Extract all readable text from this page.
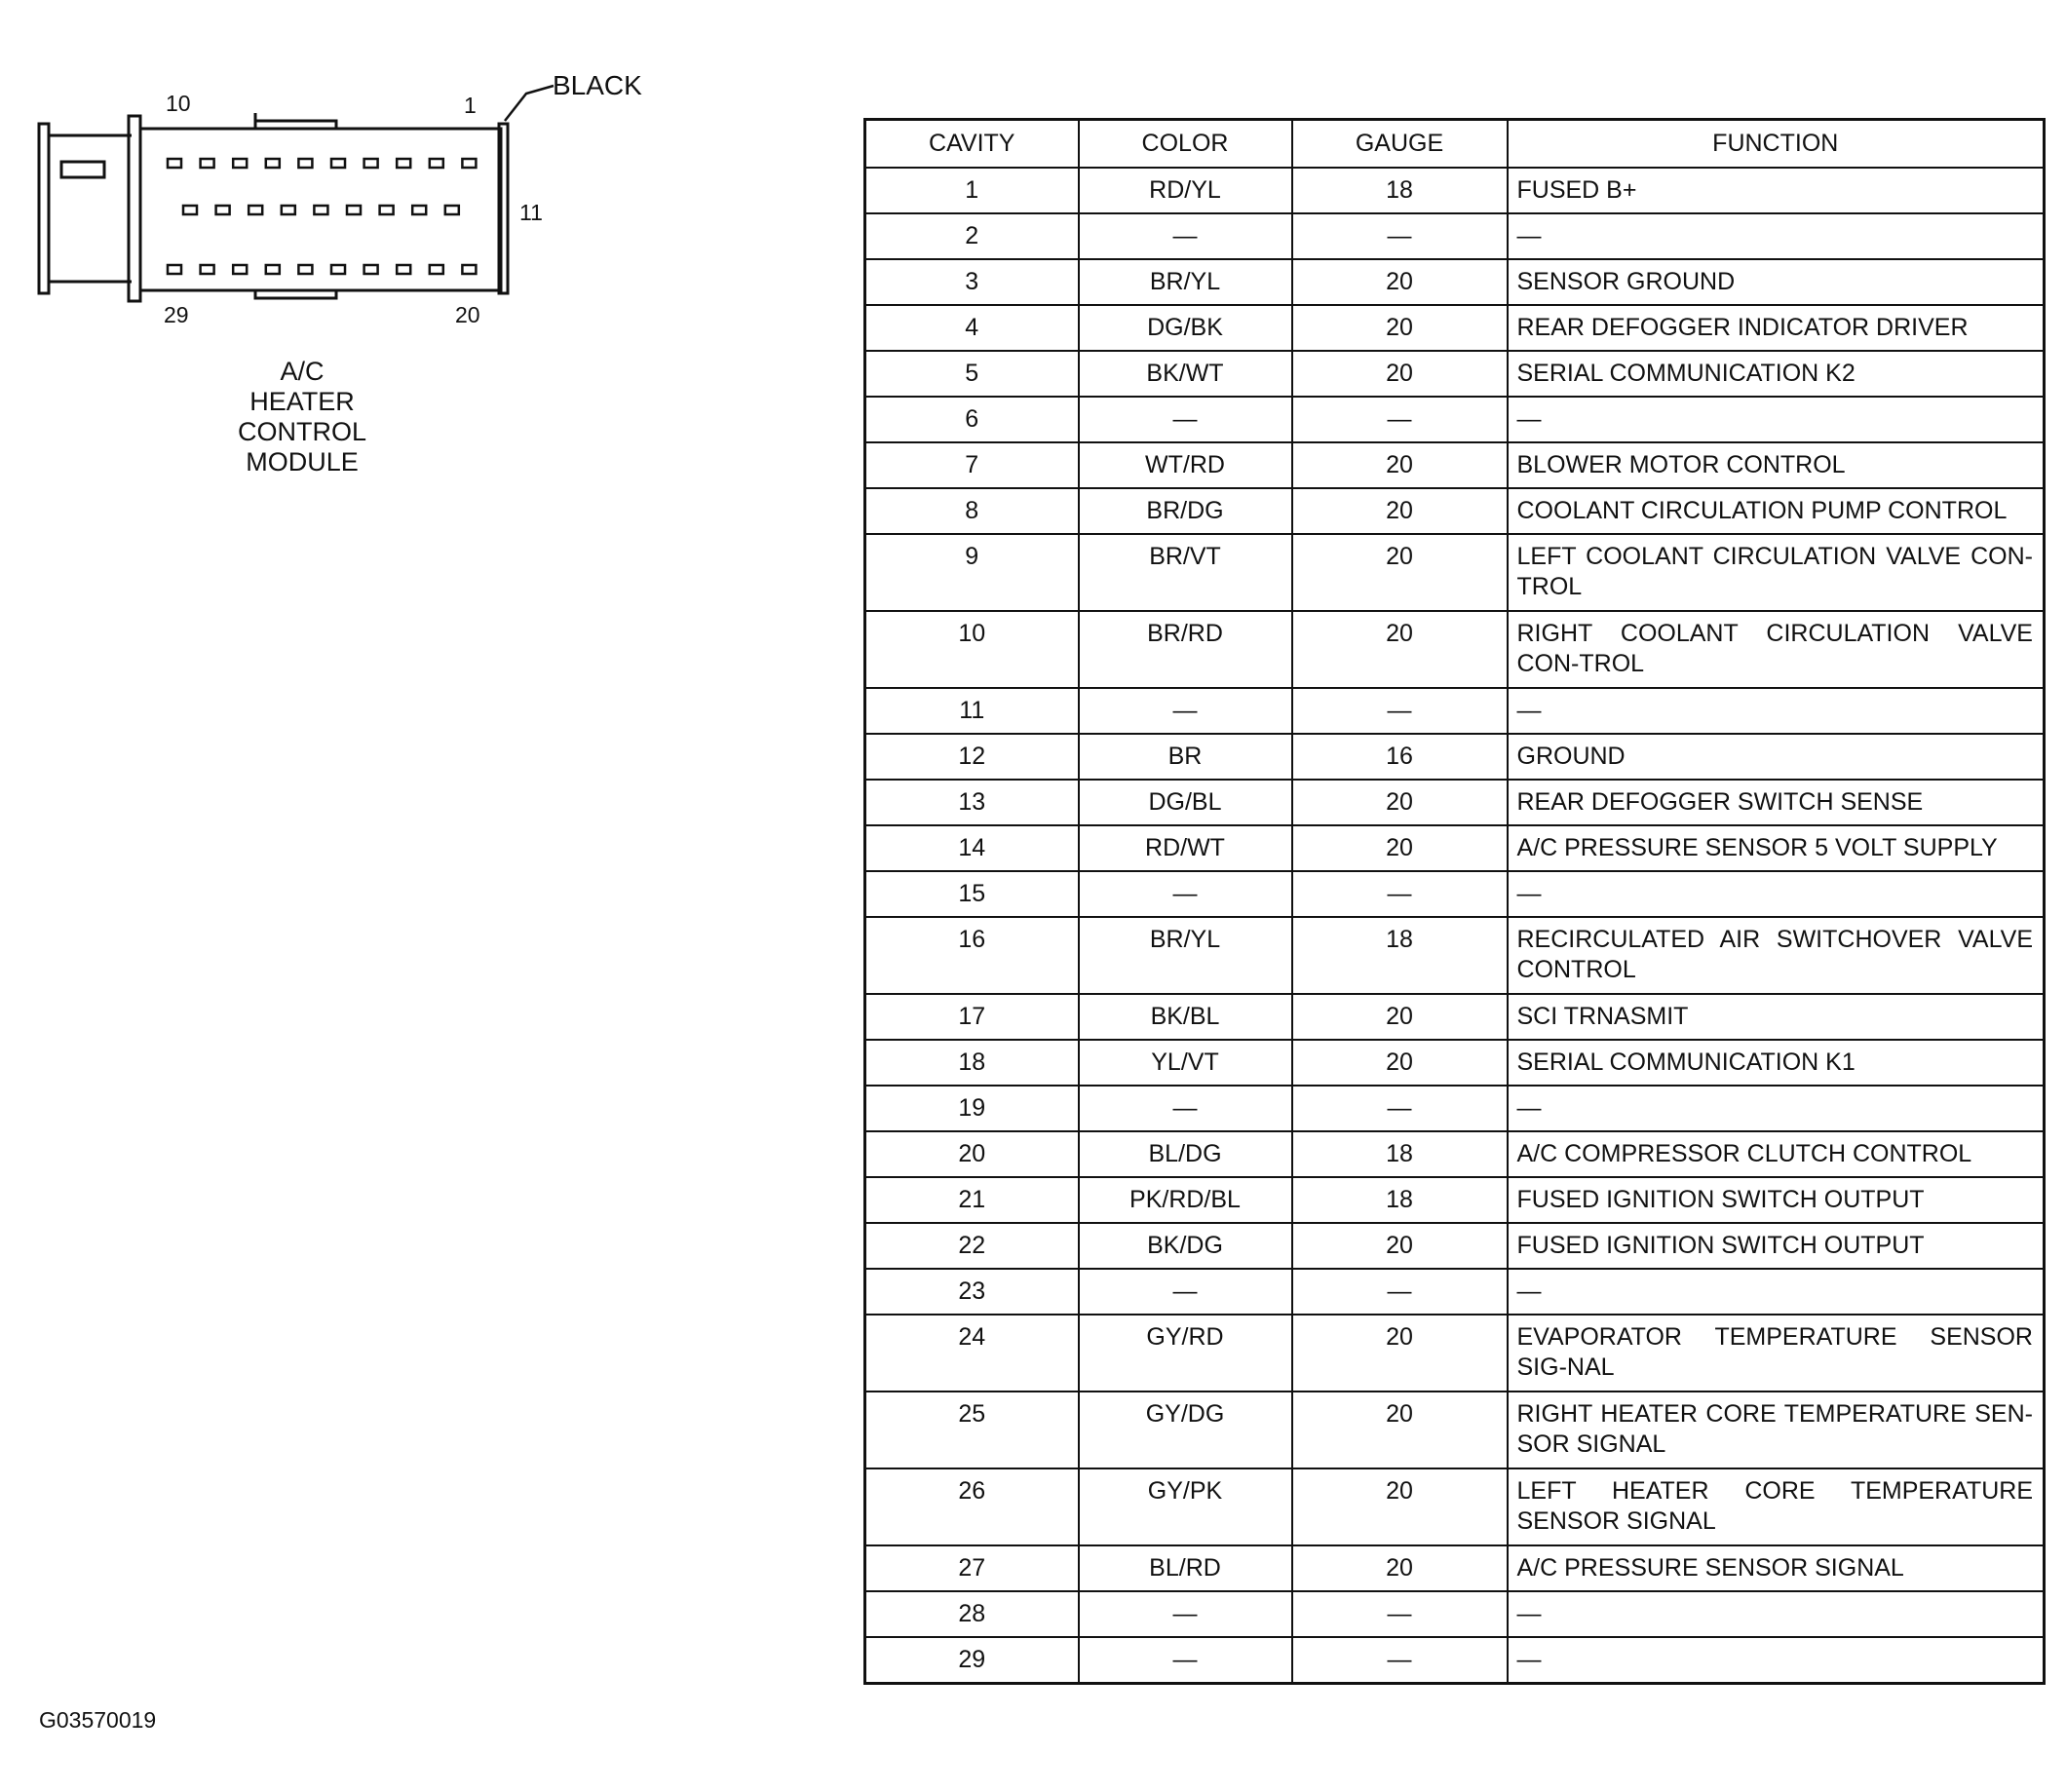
10	1
11
29	20
BLACK
A/C
HEATER
CONTROL
MODULE
CAVITY	COLOR	GAUGE	FUNCTION
1	RD/YL	18	FUSED B+
2	—	—	—
3	BR/YL	20	SENSOR GROUND
4	DG/BK	20	REAR DEFOGGER INDICATOR DRIVER
5	BK/WT	20	SERIAL COMMUNICATION K2
6	—	—	—
7	WT/RD	20	BLOWER MOTOR CONTROL
8	BR/DG	20	COOLANT CIRCULATION PUMP CONTROL
9	BR/VT	20	LEFT COOLANT CIRCULATION VALVE CON-TROL
10	BR/RD	20	RIGHT COOLANT CIRCULATION VALVE CON-TROL
11	—	—	—
12	BR	16	GROUND
13	DG/BL	20	REAR DEFOGGER SWITCH SENSE
14	RD/WT	20	A/C PRESSURE SENSOR 5 VOLT SUPPLY
15	—	—	—
16	BR/YL	18	RECIRCULATED AIR SWITCHOVER VALVE CONTROL
17	BK/BL	20	SCI TRNASMIT
18	YL/VT	20	SERIAL COMMUNICATION K1
19	—	—	—
20	BL/DG	18	A/C COMPRESSOR CLUTCH CONTROL
21	PK/RD/BL	18	FUSED IGNITION SWITCH OUTPUT
22	BK/DG	20	FUSED IGNITION SWITCH OUTPUT
23	—	—	—
24	GY/RD	20	EVAPORATOR TEMPERATURE SENSOR SIG-NAL
25	GY/DG	20	RIGHT HEATER CORE TEMPERATURE SEN-SOR SIGNAL
26	GY/PK	20	LEFT HEATER CORE TEMPERATURE SENSOR SIGNAL
27	BL/RD	20	A/C PRESSURE SENSOR SIGNAL
28	—	—	—
29	—	—	—
G03570019
